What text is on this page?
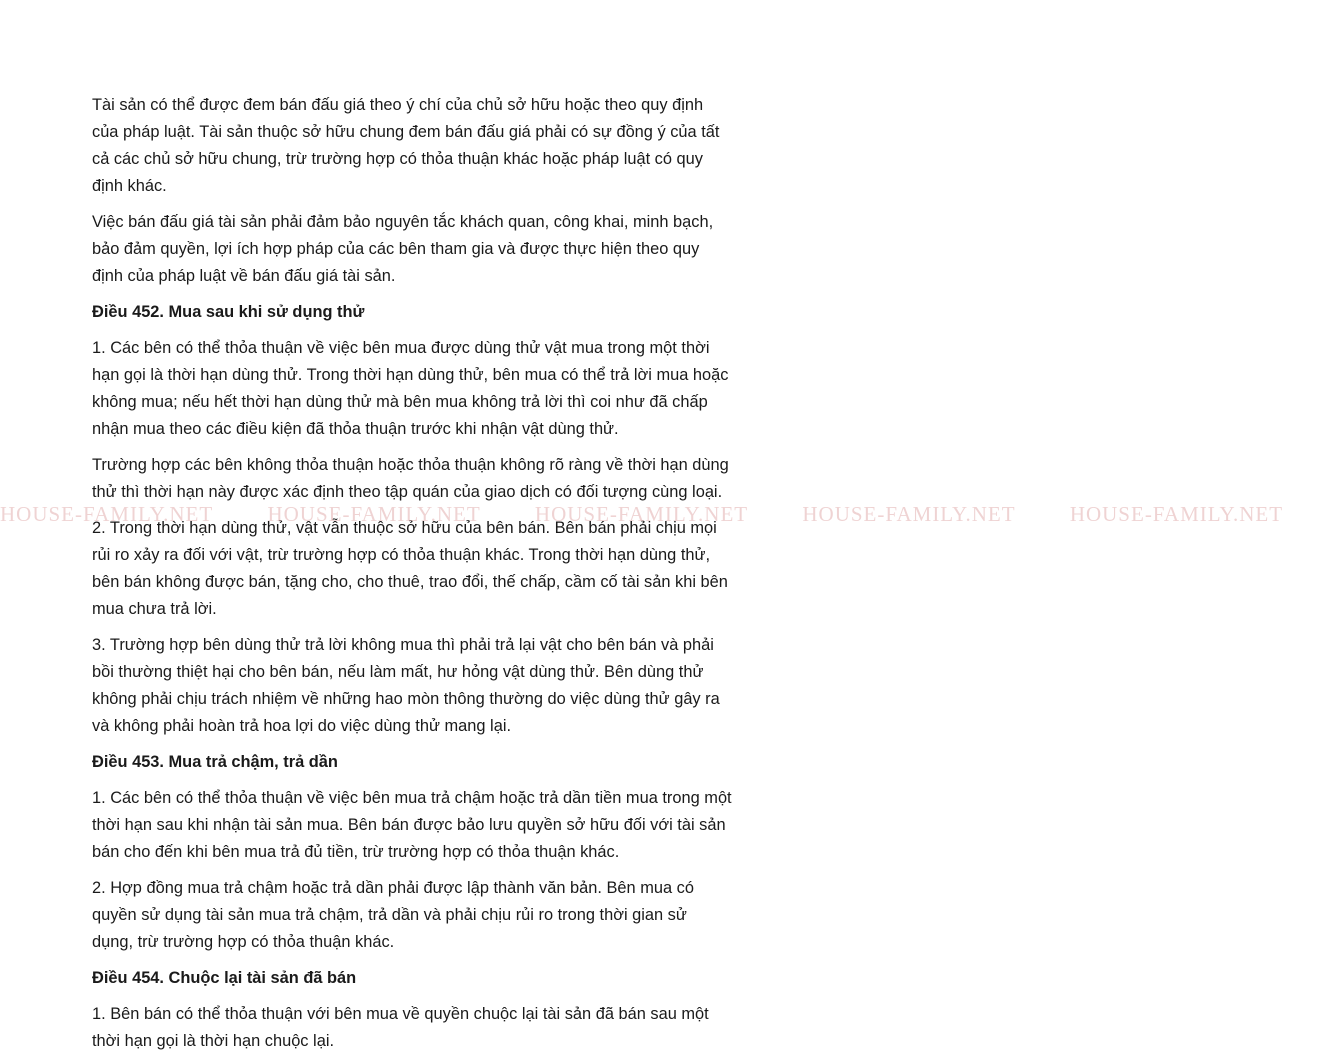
Tài sản có thể được đem bán đấu giá theo ý chí của chủ sở hữu hoặc theo quy định của pháp luật. Tài sản thuộc sở hữu chung đem bán đấu giá phải có sự đồng ý của tất cả các chủ sở hữu chung, trừ trường hợp có thỏa thuận khác hoặc pháp luật có quy định khác.

Việc bán đấu giá tài sản phải đảm bảo nguyên tắc khách quan, công khai, minh bạch, bảo đảm quyền, lợi ích hợp pháp của các bên tham gia và được thực hiện theo quy định của pháp luật về bán đấu giá tài sản.

Điều 452. Mua sau khi sử dụng thử

1. Các bên có thể thỏa thuận về việc bên mua được dùng thử vật mua trong một thời hạn gọi là thời hạn dùng thử. Trong thời hạn dùng thử, bên mua có thể trả lời mua hoặc không mua; nếu hết thời hạn dùng thử mà bên mua không trả lời thì coi như đã chấp nhận mua theo các điều kiện đã thỏa thuận trước khi nhận vật dùng thử.

Trường hợp các bên không thỏa thuận hoặc thỏa thuận không rõ ràng về thời hạn dùng thử thì thời hạn này được xác định theo tập quán của giao dịch có đối tượng cùng loại.

2. Trong thời hạn dùng thử, vật vẫn thuộc sở hữu của bên bán. Bên bán phải chịu mọi rủi ro xảy ra đối với vật, trừ trường hợp có thỏa thuận khác. Trong thời hạn dùng thử, bên bán không được bán, tặng cho, cho thuê, trao đổi, thế chấp, cầm cố tài sản khi bên mua chưa trả lời.

3. Trường hợp bên dùng thử trả lời không mua thì phải trả lại vật cho bên bán và phải bồi thường thiệt hại cho bên bán, nếu làm mất, hư hỏng vật dùng thử. Bên dùng thử không phải chịu trách nhiệm về những hao mòn thông thường do việc dùng thử gây ra và không phải hoàn trả hoa lợi do việc dùng thử mang lại.

Điều 453. Mua trả chậm, trả dần

1. Các bên có thể thỏa thuận về việc bên mua trả chậm hoặc trả dần tiền mua trong một thời hạn sau khi nhận tài sản mua. Bên bán được bảo lưu quyền sở hữu đối với tài sản bán cho đến khi bên mua trả đủ tiền, trừ trường hợp có thỏa thuận khác.

2. Hợp đồng mua trả chậm hoặc trả dần phải được lập thành văn bản. Bên mua có quyền sử dụng tài sản mua trả chậm, trả dần và phải chịu rủi ro trong thời gian sử dụng, trừ trường hợp có thỏa thuận khác.

Điều 454. Chuộc lại tài sản đã bán

1. Bên bán có thể thỏa thuận với bên mua về quyền chuộc lại tài sản đã bán sau một thời hạn gọi là thời hạn chuộc lại.

HOUSE-FAMILY.NET	HOUSE-FAMILY.NET	HOUSE-FAMILY.NET	HOUSE-FAMILY.NET	HOUSE-FAMILY.NET
